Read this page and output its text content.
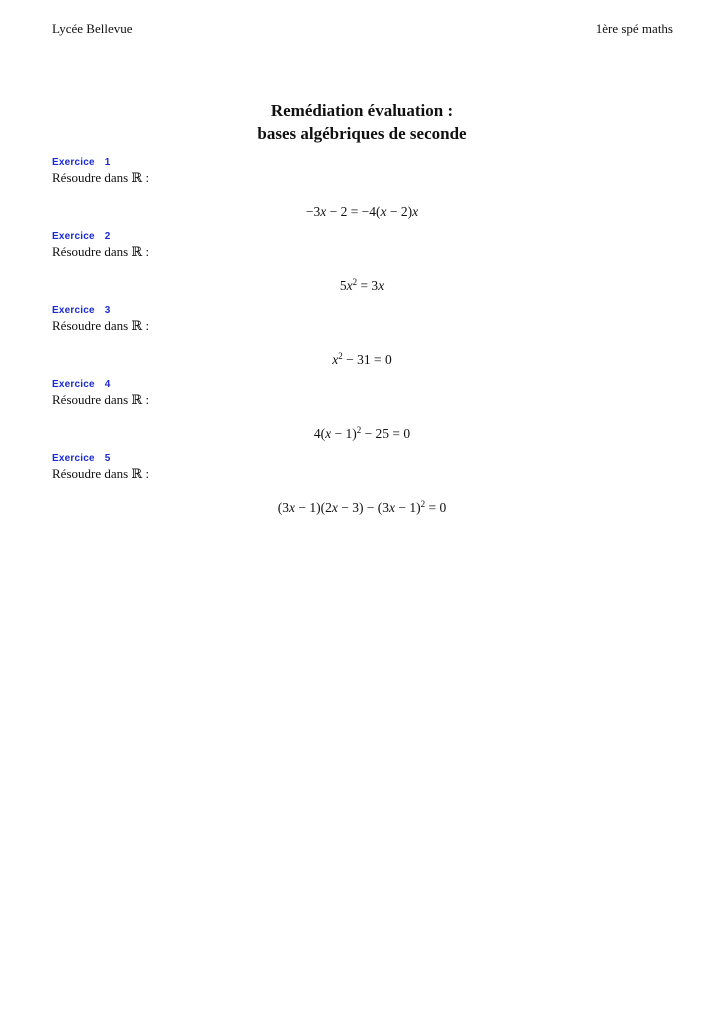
Lycée Bellevue	1ère spé maths
Remédiation évaluation :
bases algébriques de seconde
Exercice 1
Résoudre dans ℝ :
−3x − 2 = −4(x − 2)x
Exercice 2
Résoudre dans ℝ :
$5x^2 = 3x$
Exercice 3
Résoudre dans ℝ :
$x^2 - 31 = 0$
Exercice 4
Résoudre dans ℝ :
$4(x - 1)^2 - 25 = 0$
Exercice 5
Résoudre dans ℝ :
$(3x - 1)(2x - 3) - (3x - 1)^2 = 0$
